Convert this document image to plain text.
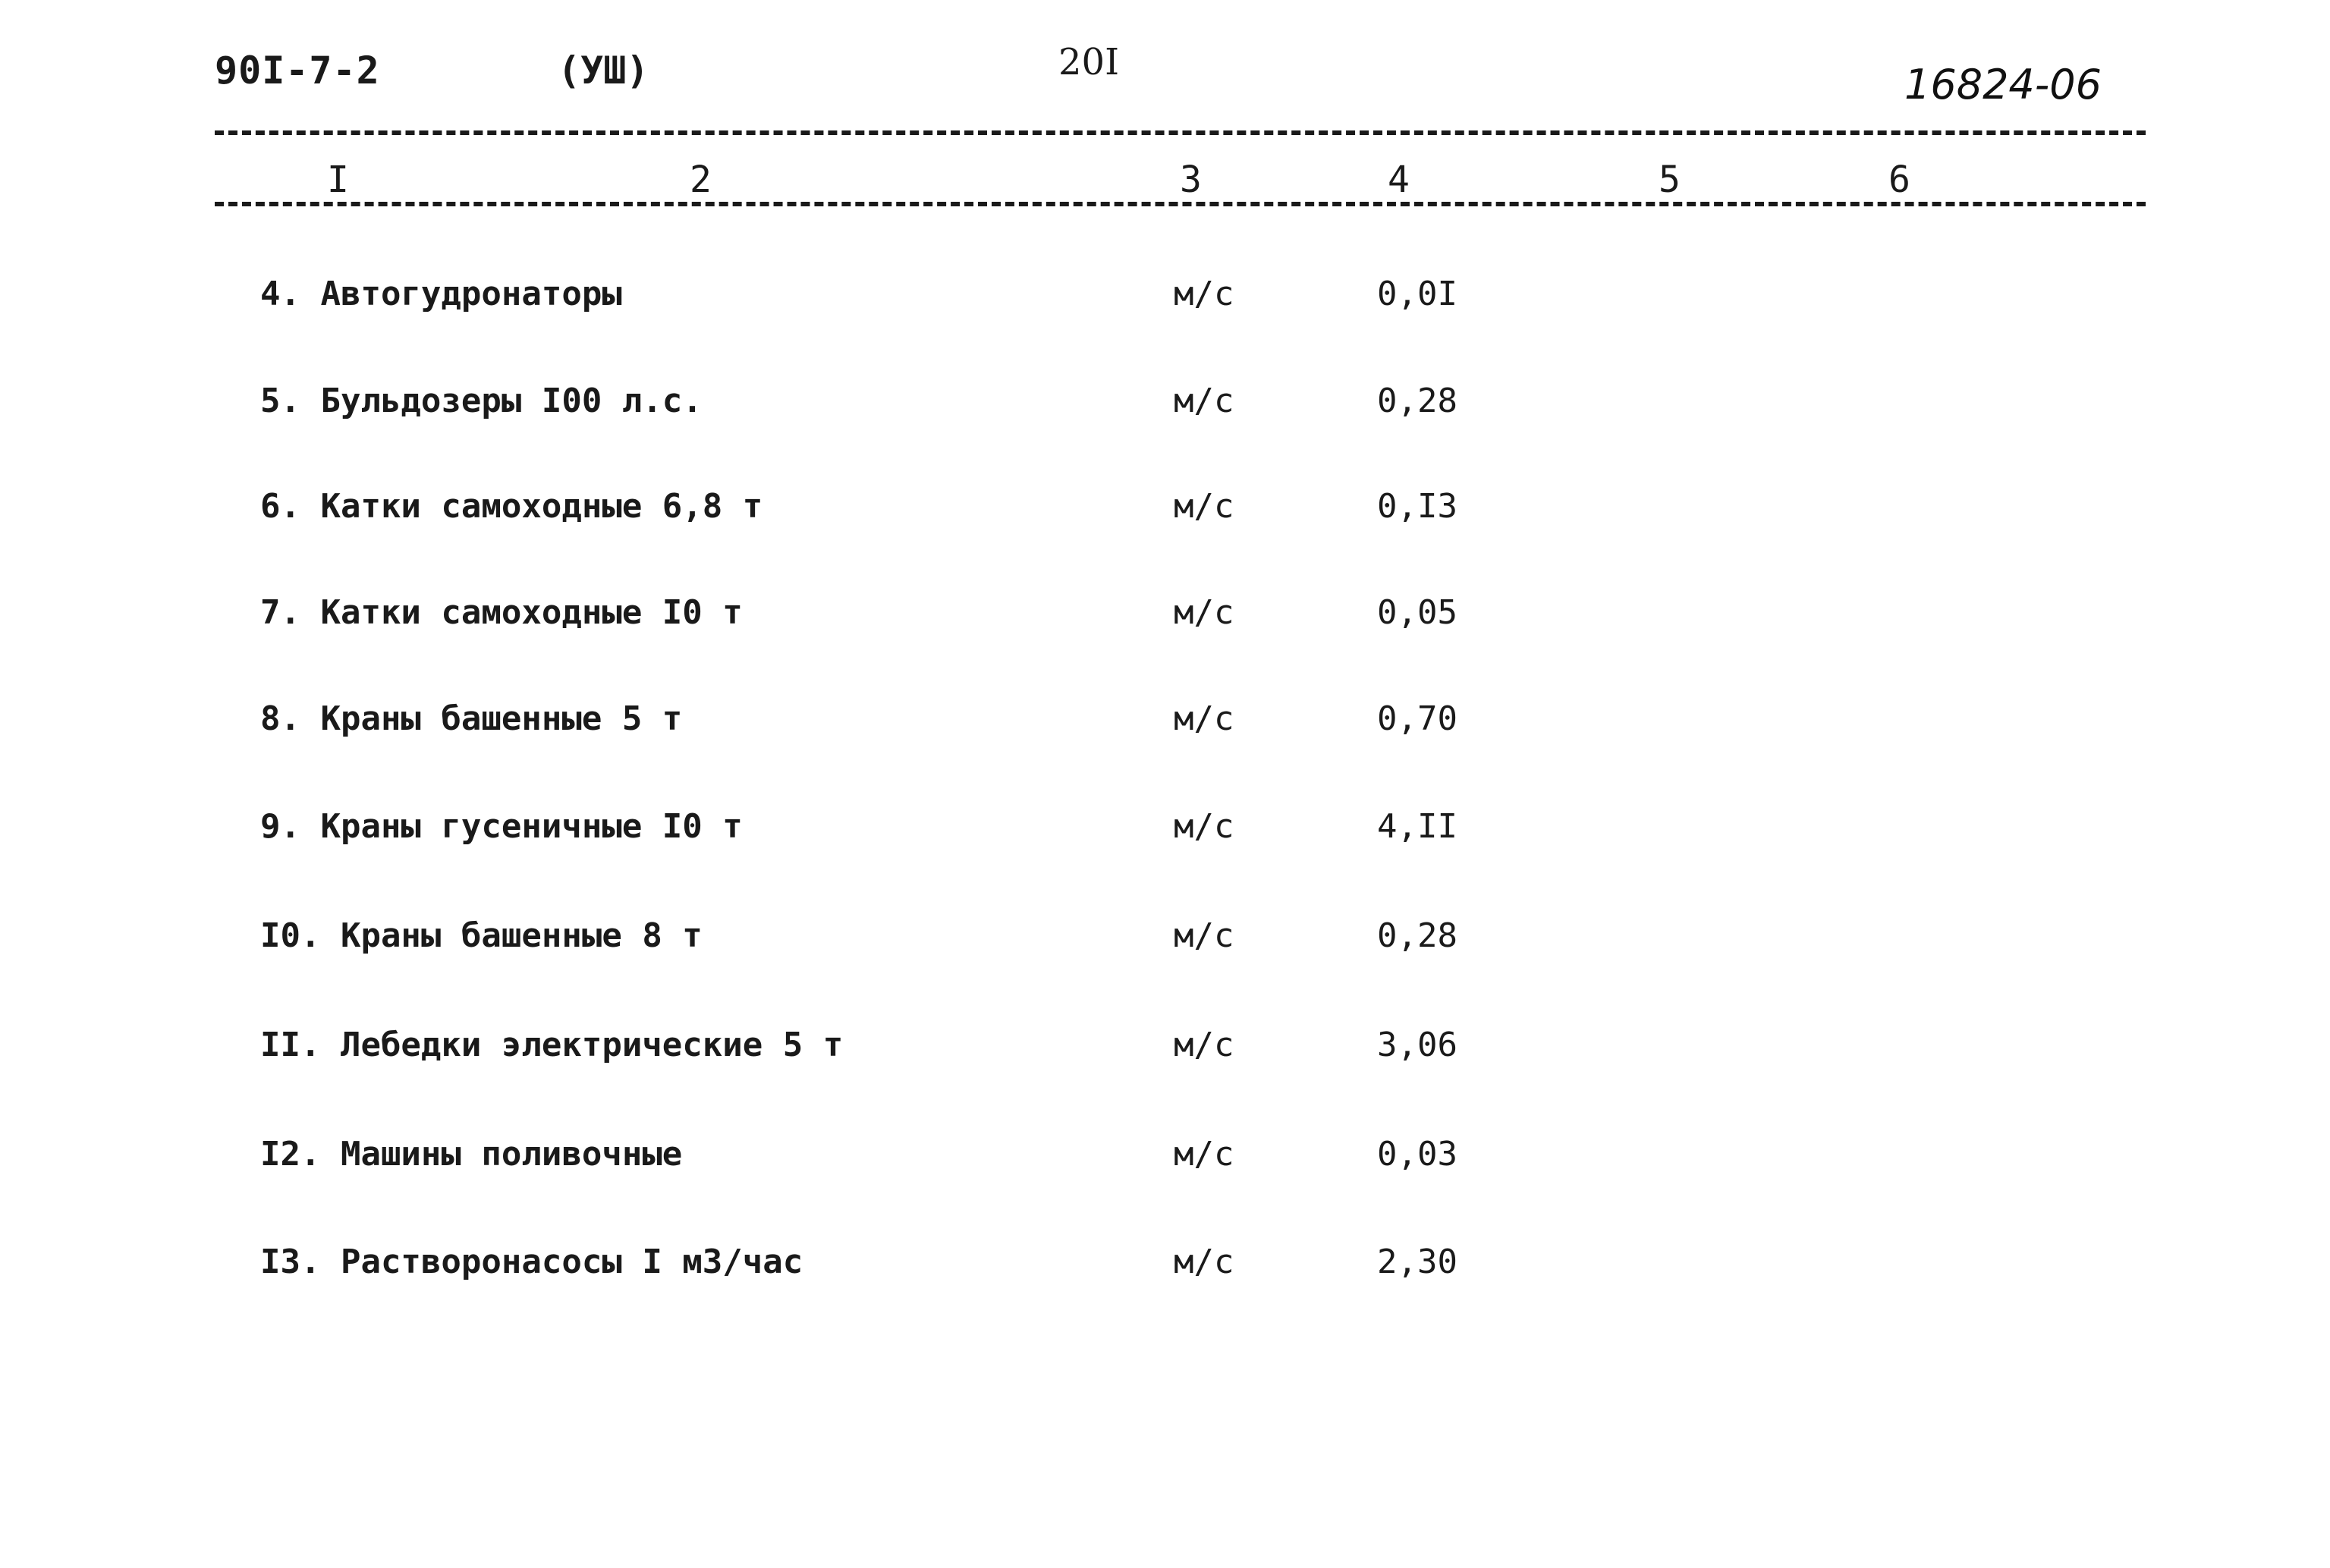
90I-7-2	(УШ)	20I	16824-06
I	2	3	4	5	6
4. Автогудронаторы	м/с	0,0I
5. Бульдозеры I00 л.с.	м/с	0,28
6. Катки самоходные 6,8 т	м/с	0,I3
7. Катки самоходные I0 т	м/с	0,05
8. Краны башенные 5 т	м/с	0,70
9. Краны гусеничные I0 т	м/с	4,II
I0. Краны башенные 8 т	м/с	0,28
II. Лебедки электрические 5 т	м/с	3,06
I2. Машины поливочные	м/с	0,03
I3. Растворонасосы I м3/час	м/с	2,30
